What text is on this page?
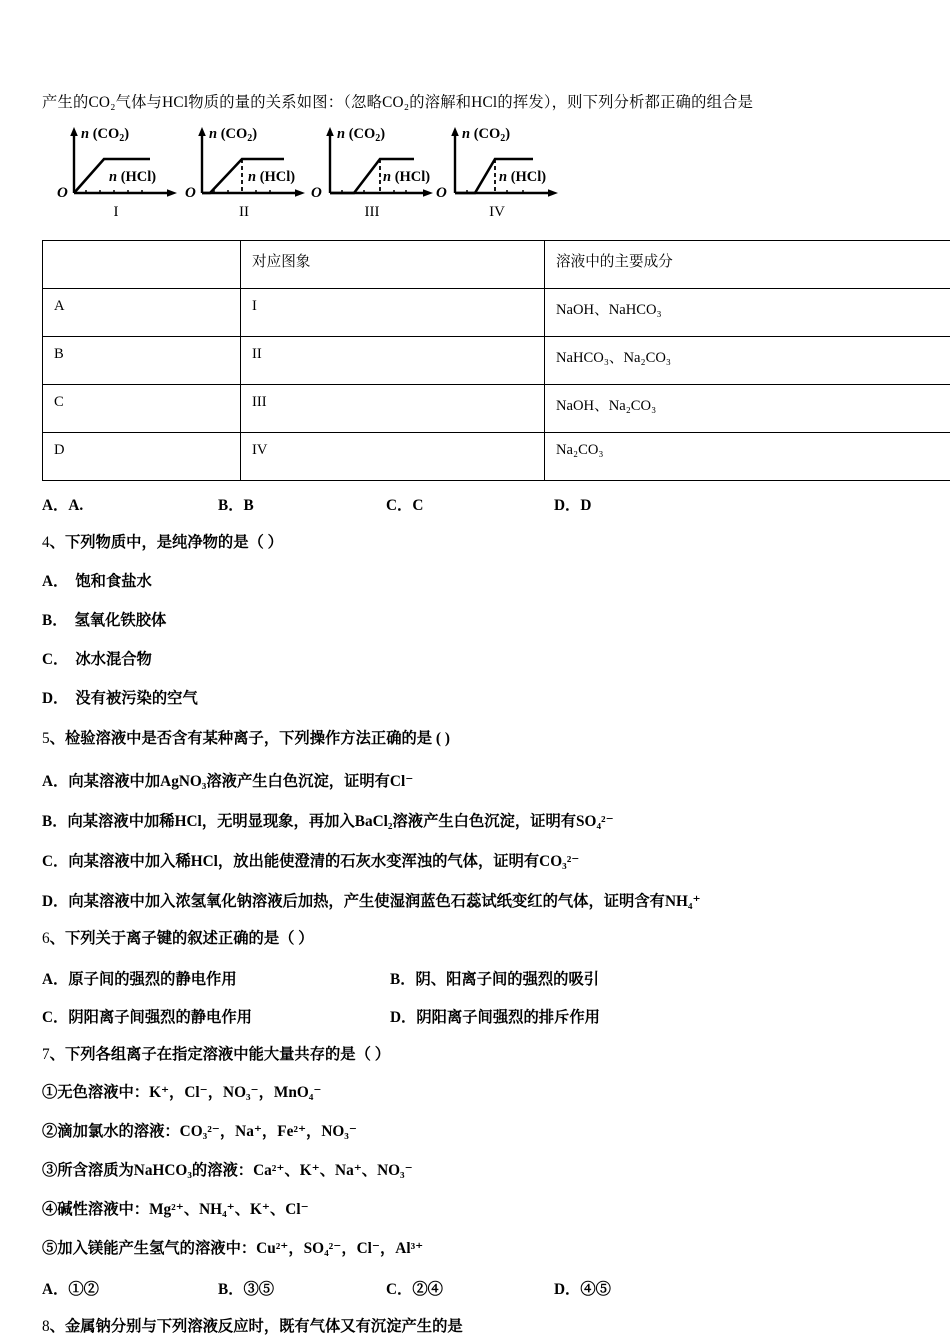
产生的CO₂气体与HCl物质的量的关系如图：（忽略CO₂的溶解和HCl的挥发），则下列分析都正确的组合是
O
n $(CO_2)$
n (HCl)
I
O
n $(CO_2)$
n (HCl)
II
O
n $(CO_2)$
n (HCl)
III
O
n $(CO_2)$
n (HCl)
IV
	对应图象	溶液中的主要成分
A	I	NaOH、NaHCO₃
B	II	NaHCO₃、Na₂CO₃
C	III	NaOH、Na₂CO₃
D	IV	Na₂CO₃
A．A.	B．B	C．C	D．D
4、下列物质中，是纯净物的是（ ）
A． 饱和食盐水
B． 氢氧化铁胶体
C． 冰水混合物
D． 没有被污染的空气
5、检验溶液中是否含有某种离子，下列操作方法正确的是 ( )
A．向某溶液中加AgNO₃溶液产生白色沉淀，证明有Cl⁻
B．向某溶液中加稀HCl，无明显现象，再加入BaCl₂溶液产生白色沉淀，证明有SO₄²⁻
C．向某溶液中加入稀HCl，放出能使澄清的石灰水变浑浊的气体，证明有CO₃²⁻
D．向某溶液中加入浓氢氧化钠溶液后加热，产生使湿润蓝色石蕊试纸变红的气体，证明含有NH₄⁺
6、下列关于离子键的叙述正确的是（ ）
A．原子间的强烈的静电作用	B．阴、阳离子间的强烈的吸引
C．阴阳离子间强烈的静电作用	D．阴阳离子间强烈的排斥作用
7、下列各组离子在指定溶液中能大量共存的是（ ）
①无色溶液中：K⁺，Cl⁻，NO₃⁻，MnO₄⁻
②滴加氯水的溶液：CO₃²⁻，Na⁺，Fe²⁺，NO₃⁻
③所含溶质为NaHCO₃的溶液：Ca²⁺、K⁺、Na⁺、NO₃⁻
④碱性溶液中：Mg²⁺、NH₄⁺、K⁺、Cl⁻
⑤加入镁能产生氢气的溶液中：Cu²⁺，SO₄²⁻，Cl⁻，Al³⁺
A．①②	B．③⑤	C．②④	D．④⑤
8、金属钠分别与下列溶液反应时，既有气体又有沉淀产生的是
